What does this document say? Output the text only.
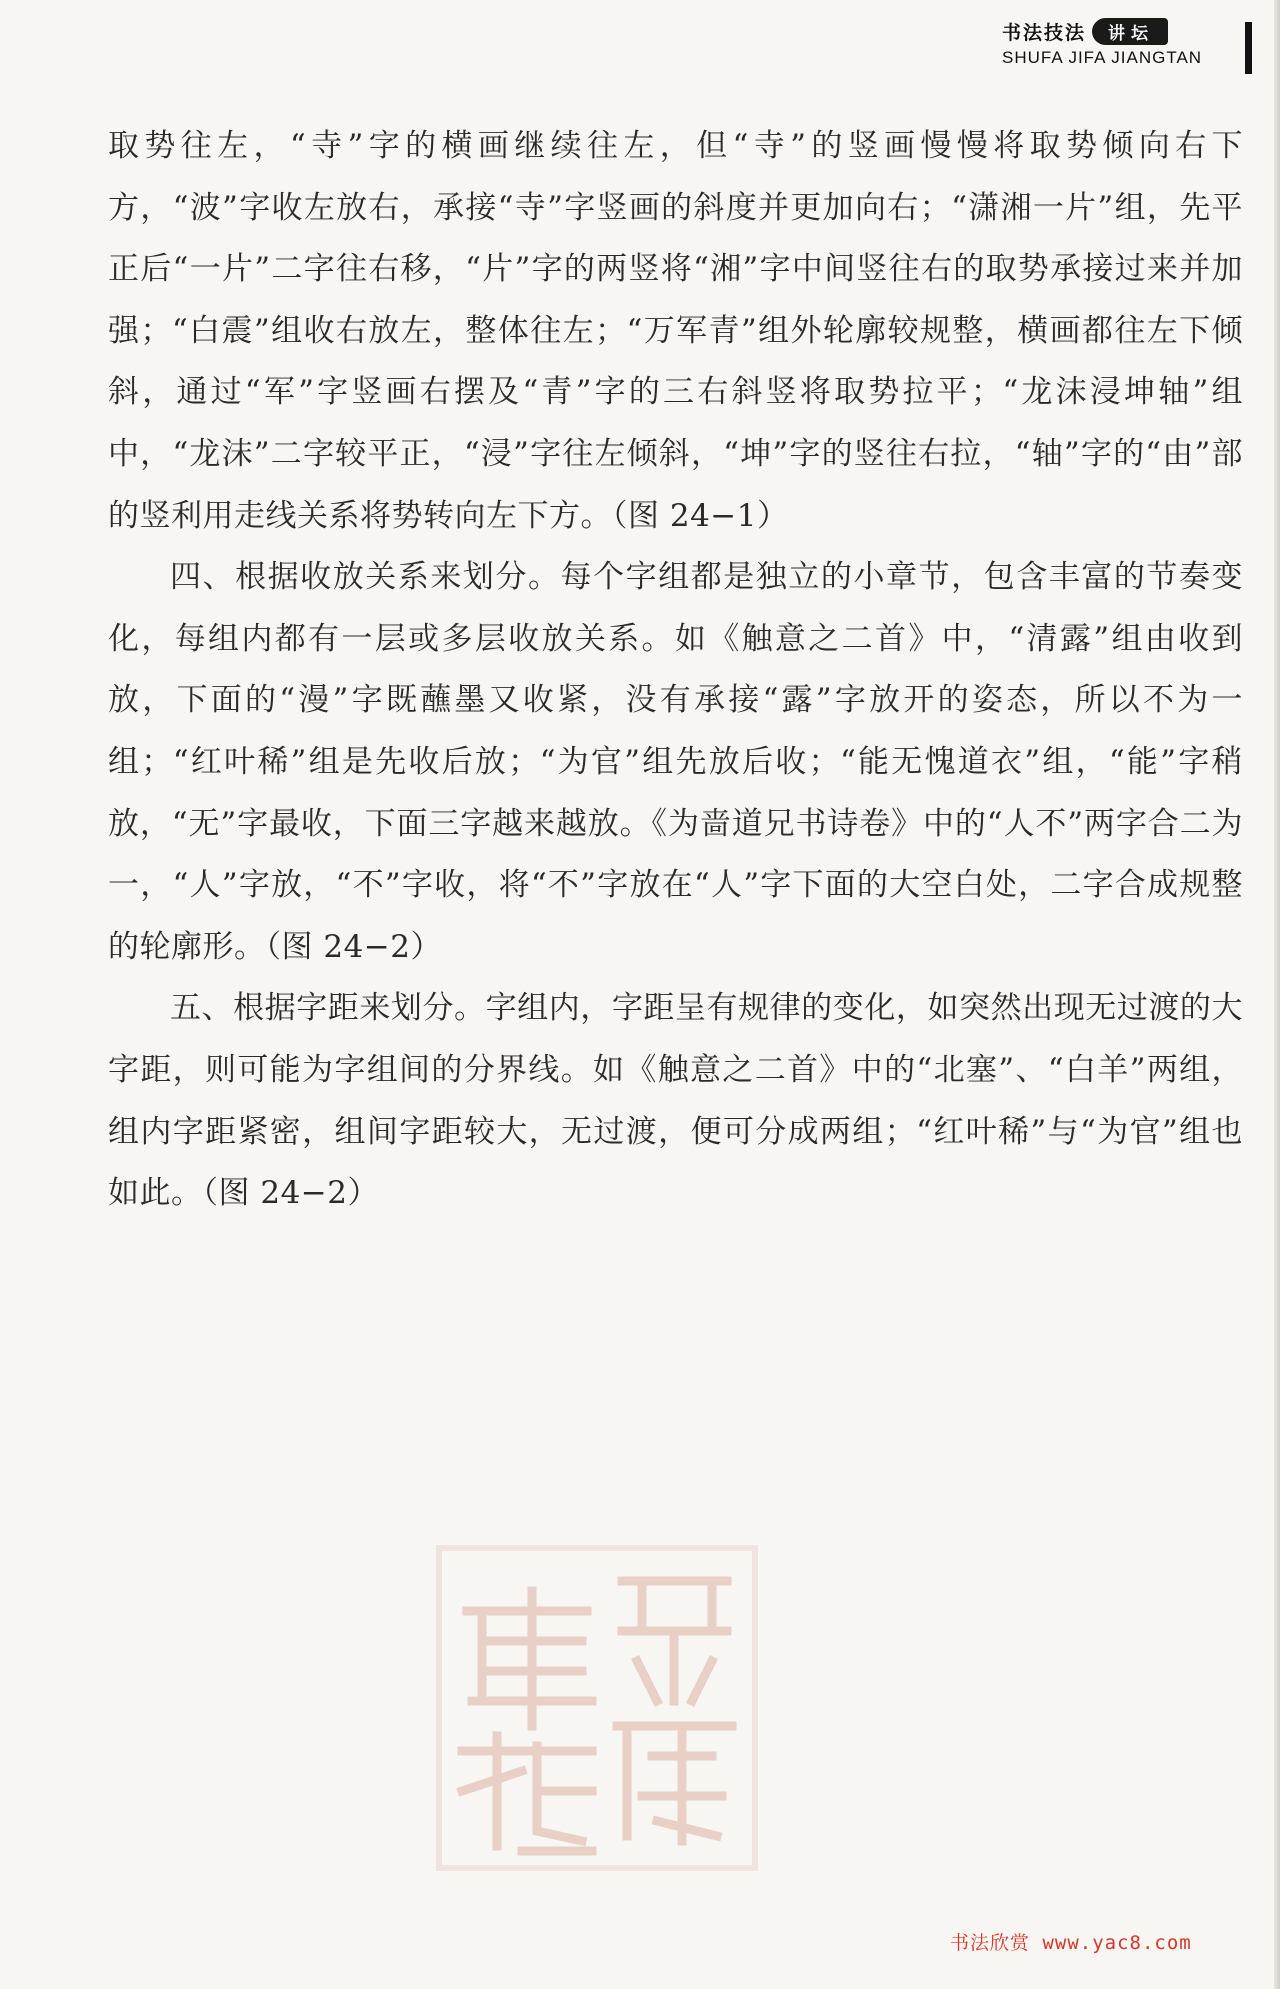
书法技法	讲坛
SHUFA JIFA JIANGTAN

取势往左，“寺”字的横画继续往左，但“寺”的竖画慢慢将取势倾向右下方，“波”字收左放右，承接“寺”字竖画的斜度并更加向右；“潇湘一片”组，先平正后“一片”二字往右移，“片”字的两竖将“湘”字中间竖往右的取势承接过来并加强；“白震”组收右放左，整体往左；“万军青”组外轮廓较规整，横画都往左下倾斜，通过“军”字竖画右摆及“青”字的三右斜竖将取势拉平；“龙沫浸坤轴”组中，“龙沫”二字较平正，“浸”字往左倾斜，“坤”字的竖往右拉，“轴”字的“由”部的竖利用走线关系将势转向左下方。（图 24−1）

四、根据收放关系来划分。每个字组都是独立的小章节，包含丰富的节奏变化，每组内都有一层或多层收放关系。如《触意之二首》中，“清露”组由收到放，下面的“漫”字既蘸墨又收紧，没有承接“露”字放开的姿态，所以不为一组；“红叶稀”组是先收后放；“为官”组先放后收；“能无愧道衣”组，“能”字稍放，“无”字最收，下面三字越来越放。《为啬道兄书诗卷》中的“人不”两字合二为一，“人”字放，“不”字收，将“不”字放在“人”字下面的大空白处，二字合成规整的轮廓形。（图 24−2）

五、根据字距来划分。字组内，字距呈有规律的变化，如突然出现无过渡的大字距，则可能为字组间的分界线。如《触意之二首》中的“北塞”、“白羊”两组，组内字距紧密，组间字距较大，无过渡，便可分成两组；“红叶稀”与“为官”组也如此。（图 24−2）

书法欣赏 www.yac8.com
